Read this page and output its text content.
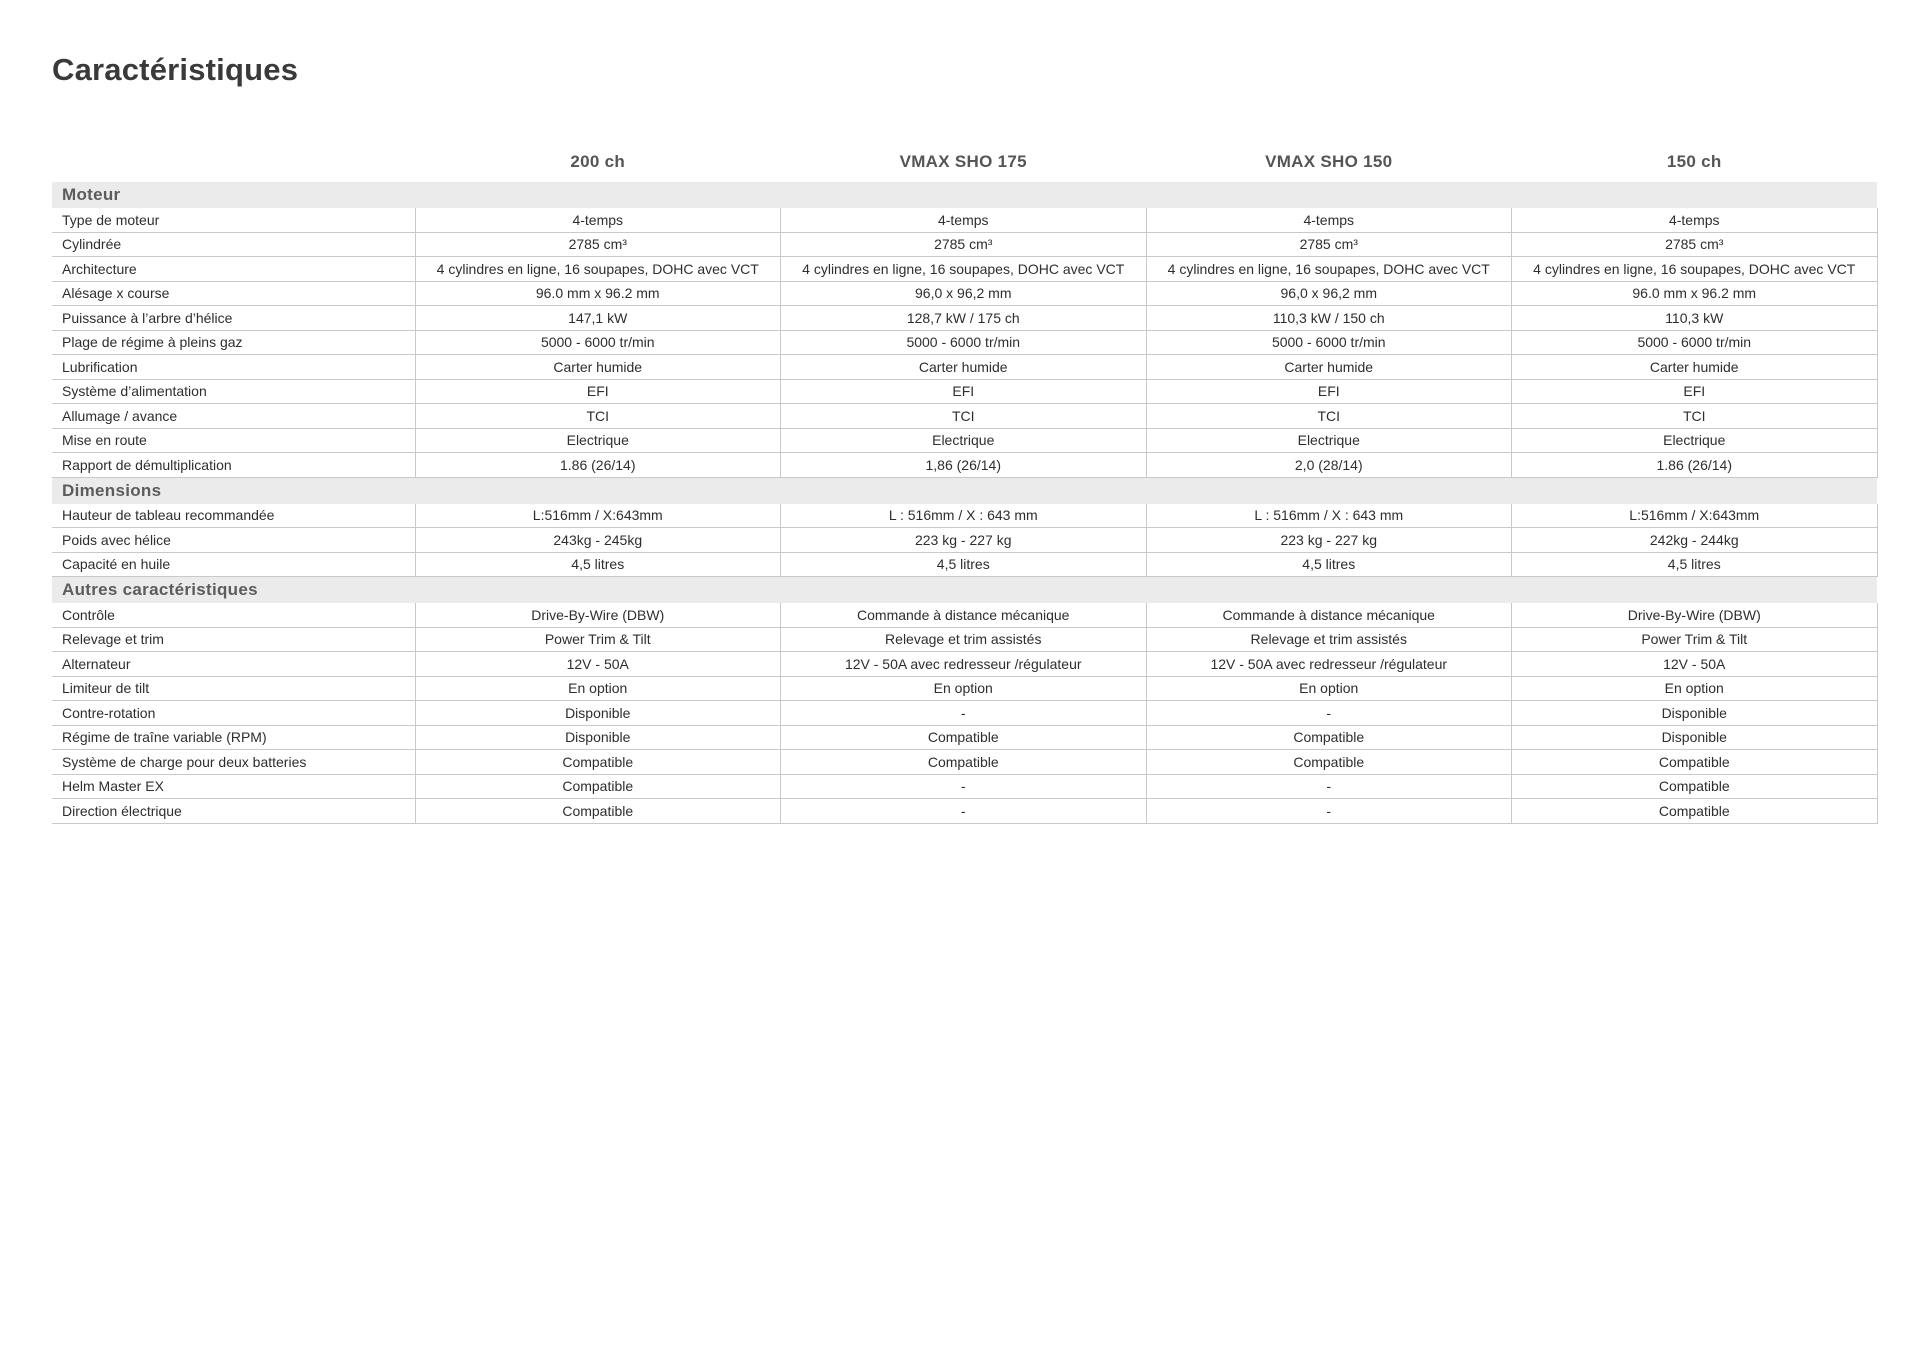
Caractéristiques
	200 ch	VMAX SHO 175	VMAX SHO 150	150 ch
Moteur				
Type de moteur	4-temps	4-temps	4-temps	4-temps
Cylindrée	2785 cm³	2785 cm³	2785 cm³	2785 cm³
Architecture	4 cylindres en ligne, 16 soupapes, DOHC avec VCT	4 cylindres en ligne, 16 soupapes, DOHC avec VCT	4 cylindres en ligne, 16 soupapes, DOHC avec VCT	4 cylindres en ligne, 16 soupapes, DOHC avec VCT
Alésage x course	96.0 mm x 96.2 mm	96,0 x 96,2 mm	96,0 x 96,2 mm	96.0 mm x 96.2 mm
Puissance à l’arbre d’hélice	147,1 kW	128,7 kW / 175 ch	110,3 kW / 150 ch	110,3 kW
Plage de régime à pleins gaz	5000 - 6000 tr/min	5000 - 6000 tr/min	5000 - 6000 tr/min	5000 - 6000 tr/min
Lubrification	Carter humide	Carter humide	Carter humide	Carter humide
Système d’alimentation	EFI	EFI	EFI	EFI
Allumage / avance	TCI	TCI	TCI	TCI
Mise en route	Electrique	Electrique	Electrique	Electrique
Rapport de démultiplication	1.86 (26/14)	1,86 (26/14)	2,0 (28/14)	1.86 (26/14)
Dimensions				
Hauteur de tableau recommandée	L:516mm / X:643mm	L : 516mm / X : 643 mm	L : 516mm / X : 643 mm	L:516mm / X:643mm
Poids avec hélice	243kg - 245kg	223 kg - 227 kg	223 kg - 227 kg	242kg - 244kg
Capacité en huile	4,5 litres	4,5 litres	4,5 litres	4,5 litres
Autres caractéristiques				
Contrôle	Drive-By-Wire (DBW)	Commande à distance mécanique	Commande à distance mécanique	Drive-By-Wire (DBW)
Relevage et trim	Power Trim & Tilt	Relevage et trim assistés	Relevage et trim assistés	Power Trim & Tilt
Alternateur	12V - 50A	12V - 50A avec redresseur /régulateur	12V - 50A avec redresseur /régulateur	12V - 50A
Limiteur de tilt	En option	En option	En option	En option
Contre-rotation	Disponible	-	-	Disponible
Régime de traîne variable (RPM)	Disponible	Compatible	Compatible	Disponible
Système de charge pour deux batteries	Compatible	Compatible	Compatible	Compatible
Helm Master EX	Compatible	-	-	Compatible
Direction électrique	Compatible	-	-	Compatible
